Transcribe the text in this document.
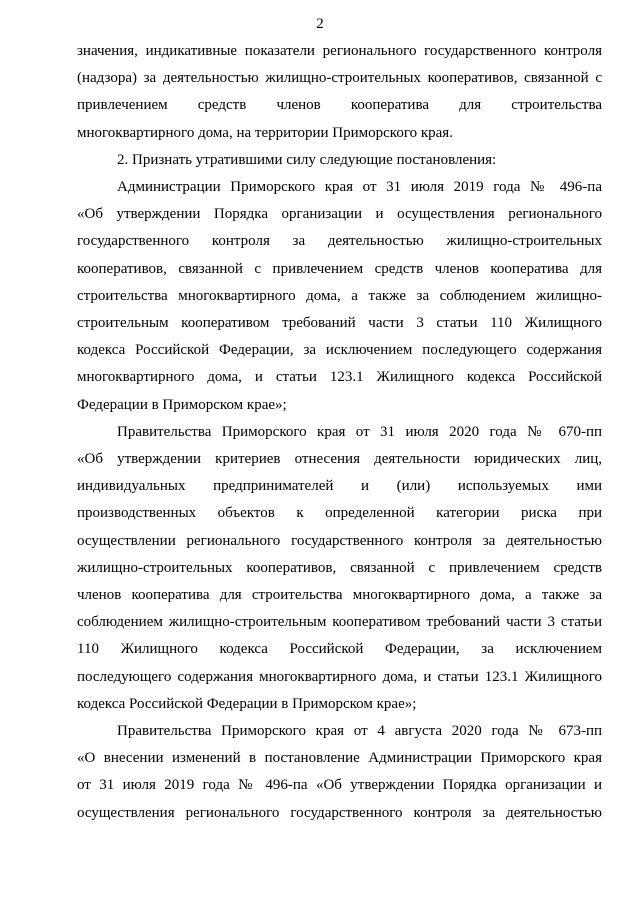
2

значения, индикативные показатели регионального государственного контроля
(надзора) за деятельностью жилищно-строительных кооперативов, связанной с
привлечением средств членов кооператива для строительства
многоквартирного дома, на территории Приморского края.

2. Признать утратившими силу следующие постановления:

Администрации Приморского края от 31 июля 2019 года № 496-па
«Об утверждении Порядка организации и осуществления регионального
государственного контроля за деятельностью жилищно-строительных
кооперативов, связанной с привлечением средств членов кооператива для
строительства многоквартирного дома, а также за соблюдением жилищно-
строительным кооперативом требований части 3 статьи 110 Жилищного
кодекса Российской Федерации, за исключением последующего содержания
многоквартирного дома, и статьи 123.1 Жилищного кодекса Российской
Федерации в Приморском крае»;

Правительства Приморского края от 31 июля 2020 года № 670-пп
«Об утверждении критериев отнесения деятельности юридических лиц,
индивидуальных предпринимателей и (или) используемых ими
производственных объектов к определенной категории риска при
осуществлении регионального государственного контроля за деятельностью
жилищно-строительных кооперативов, связанной с привлечением средств
членов кооператива для строительства многоквартирного дома, а также за
соблюдением жилищно-строительным кооперативом требований части 3 статьи
110 Жилищного кодекса Российской Федерации, за исключением
последующего содержания многоквартирного дома, и статьи 123.1 Жилищного
кодекса Российской Федерации в Приморском крае»;

Правительства Приморского края от 4 августа 2020 года № 673-пп
«О внесении изменений в постановление Администрации Приморского края
от 31 июля 2019 года № 496-па «Об утверждении Порядка организации и
осуществления регионального государственного контроля за деятельностью
